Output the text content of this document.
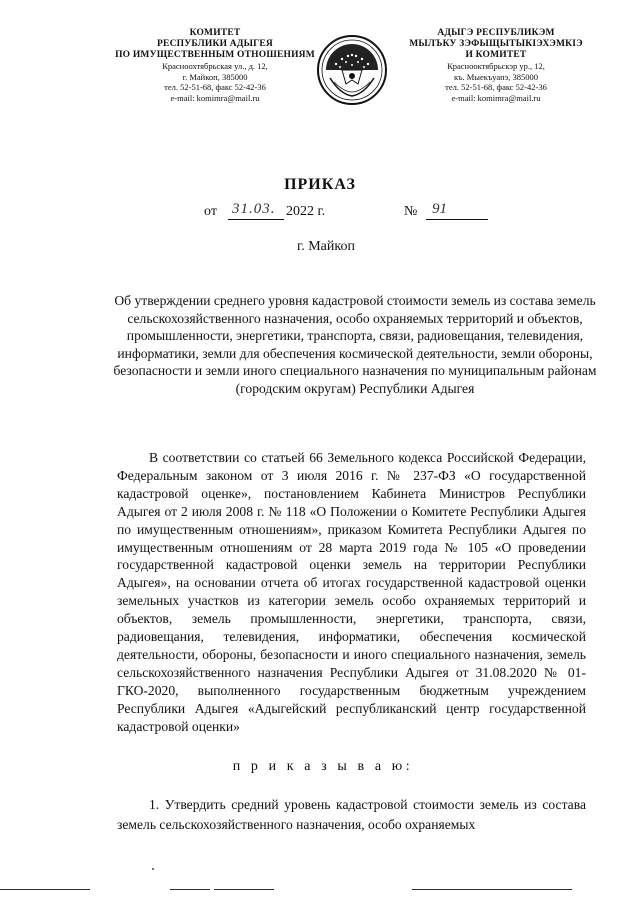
КОМИТЕТ
РЕСПУБЛИКИ АДЫГЕЯ
ПО ИМУЩЕСТВЕННЫМ ОТНОШЕНИЯМ
Красноохтябрьская ул., д. 12,
г. Майкоп, 385000
тел. 52-51-68, факс 52-42-36
e-mail: komimra@mail.ru
АДЫГЭ РЕСПУБЛИКЭМ
МЫЛЪКУ ЗЭФЫЩЫТЫКIЭХЭМКIЭ
И КОМИТЕТ
Краснооктябрьскэр ур., 12,
къ. Мыекъуапэ, 385000
тел. 52-51-68, факс 52-42-36
e-mail: komimra@mail.ru
ПРИКАЗ
от 31.03. 2022 г.	№ 91
г. Майкоп
Об утверждении среднего уровня кадастровой стоимости земель из состава земель сельскохозяйственного назначения, особо охраняемых территорий и объектов, промышленности, энергетики, транспорта, связи, радиовещания, телевидения, информатики, земли для обеспечения космической деятельности, земли обороны, безопасности и земли иного специального назначения по муниципальным районам (городским округам) Республики Адыгея

В соответствии со статьей 66 Земельного кодекса Российской Федерации, Федеральным законом от 3 июля 2016 г. № 237-ФЗ «О государственной кадастровой оценке», постановлением Кабинета Министров Республики Адыгея от 2 июля 2008 г. № 118 «О Положении о Комитете Республики Адыгея по имущественным отношениям», приказом Комитета Республики Адыгея по имущественным отношениям от 28 марта 2019 года № 105 «О проведении государственной кадастровой оценки земель на территории Республики Адыгея», на основании отчета об итогах государственной кадастровой оценки земельных участков из категории земель особо охраняемых территорий и объектов, земель промышленности, энергетики, транспорта, связи, радиовещания, телевидения, информатики, обеспечения космической деятельности, обороны, безопасности и иного специального назначения, земель сельскохозяйственного назначения Республики Адыгея от 31.08.2020 № 01-ГКО-2020, выполненного государственным бюджетным учреждением Республики Адыгея «Адыгейский республиканский центр государственной кадастровой оценки»

п р и к а з ы в а ю:

1. Утвердить средний уровень кадастровой стоимости земель из состава земель сельскохозяйственного назначения, особо охраняемых
